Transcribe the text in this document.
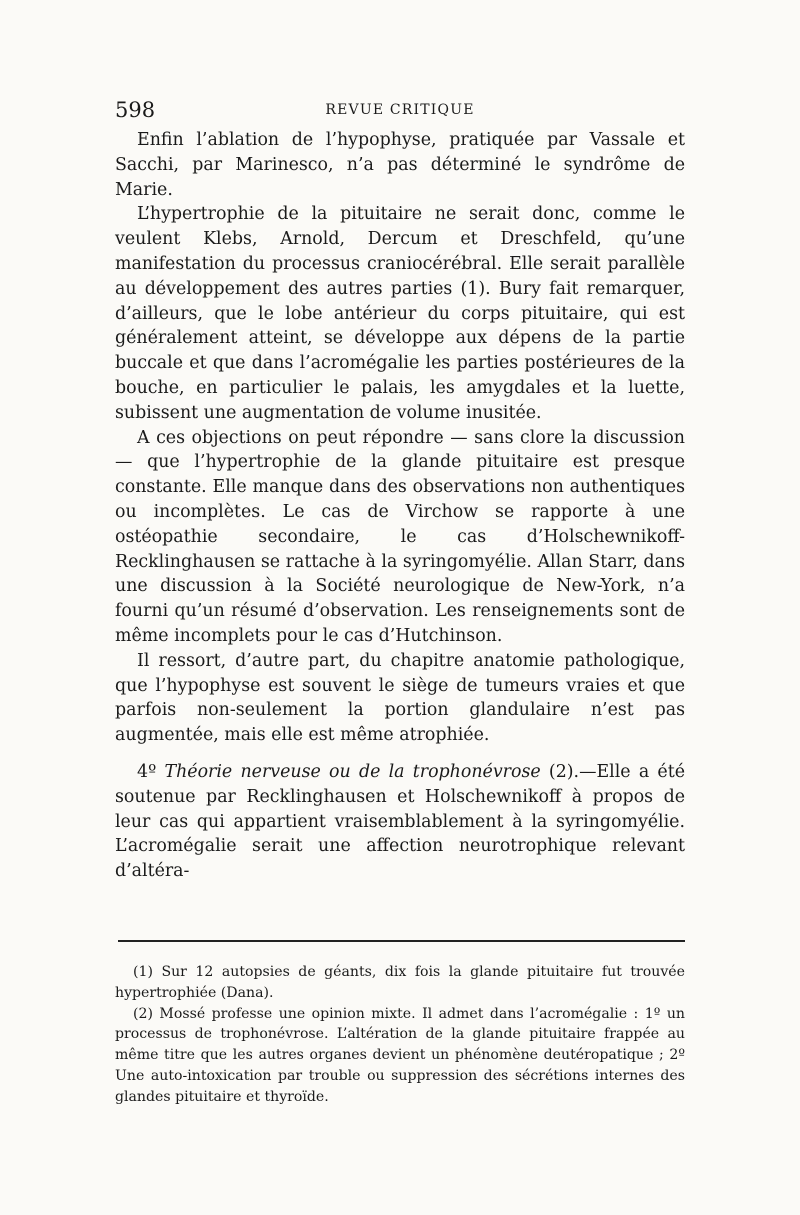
598	REVUE CRITIQUE

Enfin l’ablation de l’hypophyse, pratiquée par Vassale et Sacchi, par Marinesco, n’a pas déterminé le syndrôme de Marie.

L’hypertrophie de la pituitaire ne serait donc, comme le veulent Klebs, Arnold, Dercum et Dreschfeld, qu’une manifestation du processus craniocérébral. Elle serait parallèle au développement des autres parties (1). Bury fait remarquer, d’ailleurs, que le lobe antérieur du corps pituitaire, qui est généralement atteint, se développe aux dépens de la partie buccale et que dans l’acromégalie les parties postérieures de la bouche, en particulier le palais, les amygdales et la luette, subissent une augmentation de volume inusitée.

A ces objections on peut répondre — sans clore la discussion — que l’hypertrophie de la glande pituitaire est presque constante. Elle manque dans des observations non authentiques ou incomplètes. Le cas de Virchow se rapporte à une ostéopathie secondaire, le cas d’Holschewnikoff-Recklinghausen se rattache à la syringomyélie. Allan Starr, dans une discussion à la Société neurologique de New-York, n’a fourni qu’un résumé d’observation. Les renseignements sont de même incomplets pour le cas d’Hutchinson.

Il ressort, d’autre part, du chapitre anatomie pathologique, que l’hypophyse est souvent le siège de tumeurs vraies et que parfois non-seulement la portion glandulaire n’est pas augmentée, mais elle est même atrophiée.

4º Théorie nerveuse ou de la trophonévrose (2).—Elle a été soutenue par Recklinghausen et Holschewnikoff à propos de leur cas qui appartient vraisemblablement à la syringomyélie. L’acromégalie serait une affection neurotrophique relevant d’altéra-

(1) Sur 12 autopsies de géants, dix fois la glande pituitaire fut trouvée hypertrophiée (Dana).

(2) Mossé professe une opinion mixte. Il admet dans l’acromégalie : 1º un processus de trophonévrose. L’altération de la glande pituitaire frappée au même titre que les autres organes devient un phénomène deutéropatique ; 2º Une auto-intoxication par trouble ou suppression des sécrétions internes des glandes pituitaire et thyroïde.
